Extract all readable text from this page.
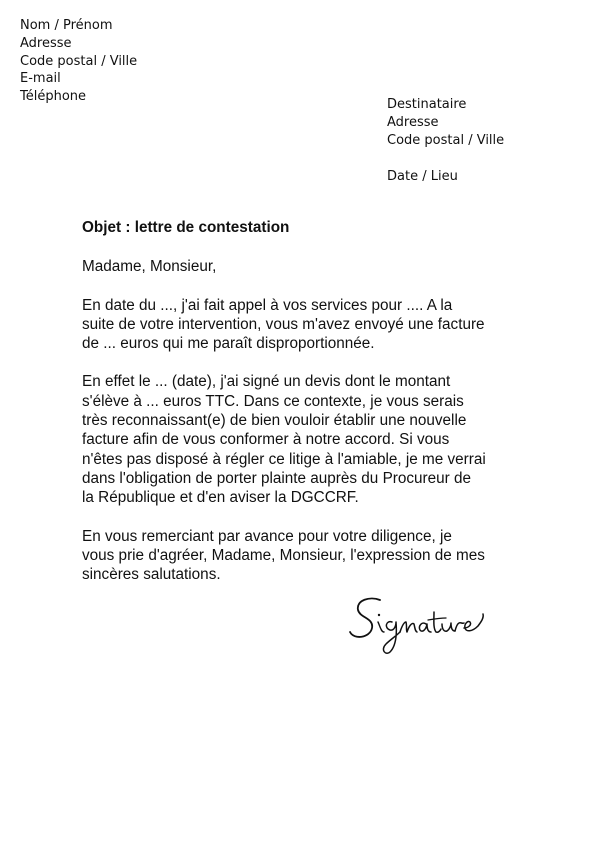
Nom / Prénom
Adresse
Code postal / Ville
E-mail
Téléphone
Destinataire
Adresse
Code postal / Ville
Date / Lieu

Objet : lettre de contestation

Madame, Monsieur,

En date du ..., j'ai fait appel à vos services pour .... A la
suite de votre intervention, vous m'avez envoyé une facture
de ... euros qui me paraît disproportionnée.

En effet le ... (date), j'ai signé un devis dont le montant
s'élève à ... euros TTC. Dans ce contexte, je vous serais
très reconnaissant(e) de bien vouloir établir une nouvelle
facture afin de vous conformer à notre accord. Si vous
n'êtes pas disposé à régler ce litige à l'amiable, je me verrai
dans l'obligation de porter plainte auprès du Procureur de
la République et d'en aviser la DGCCRF.

En vous remerciant par avance pour votre diligence, je
vous prie d'agréer, Madame, Monsieur, l'expression de mes
sincères salutations.
